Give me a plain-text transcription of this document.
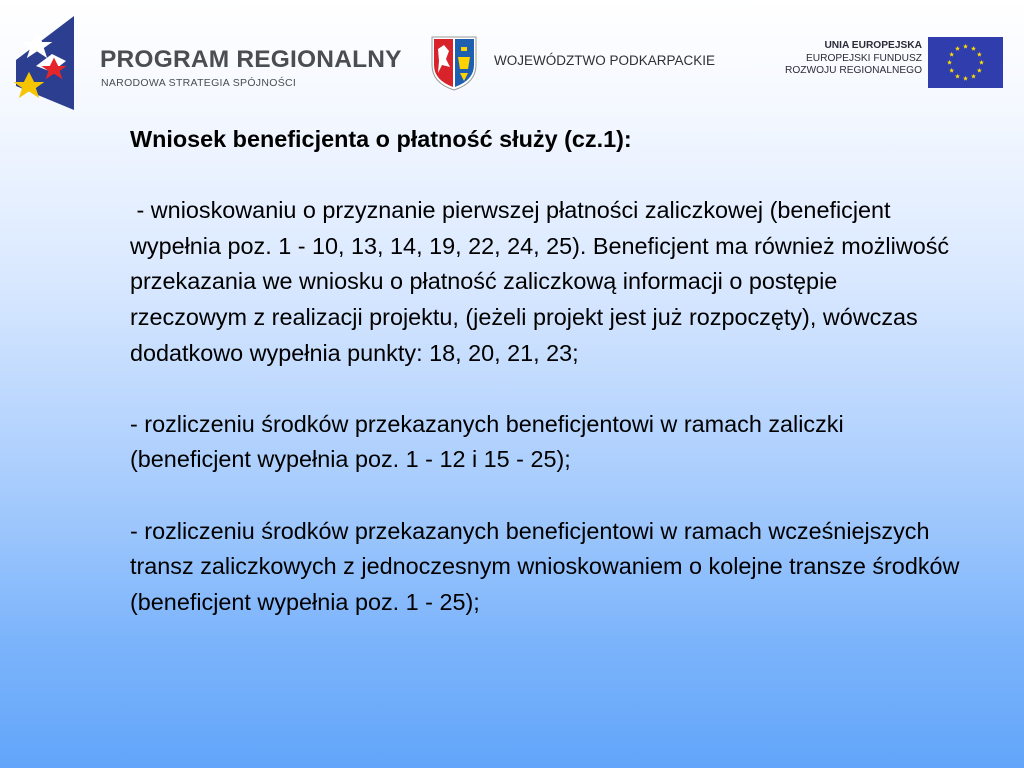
PROGRAM REGIONALNY
NARODOWA STRATEGIA SPÓJNOŚCI
WOJEWÓDZTWO PODKARPACKIE
UNIA EUROPEJSKA
EUROPEJSKI FUNDUSZ
ROZWOJU REGIONALNEGO
Wniosek beneficjenta o płatność służy (cz.1):

- wnioskowaniu o przyznanie pierwszej płatności zaliczkowej (beneficjent wypełnia poz. 1 - 10, 13, 14, 19, 22, 24, 25). Beneficjent ma również możliwość przekazania we wniosku o płatność zaliczkową informacji o postępie rzeczowym z realizacji projektu, (jeżeli projekt jest już rozpoczęty), wówczas dodatkowo wypełnia punkty: 18, 20, 21, 23;

- rozliczeniu środków przekazanych beneficjentowi w ramach zaliczki (beneficjent wypełnia poz. 1 - 12 i 15 - 25);

- rozliczeniu środków przekazanych beneficjentowi w ramach wcześniejszych transz zaliczkowych z jednoczesnym wnioskowaniem o kolejne transze środków (beneficjent wypełnia poz. 1 - 25);
